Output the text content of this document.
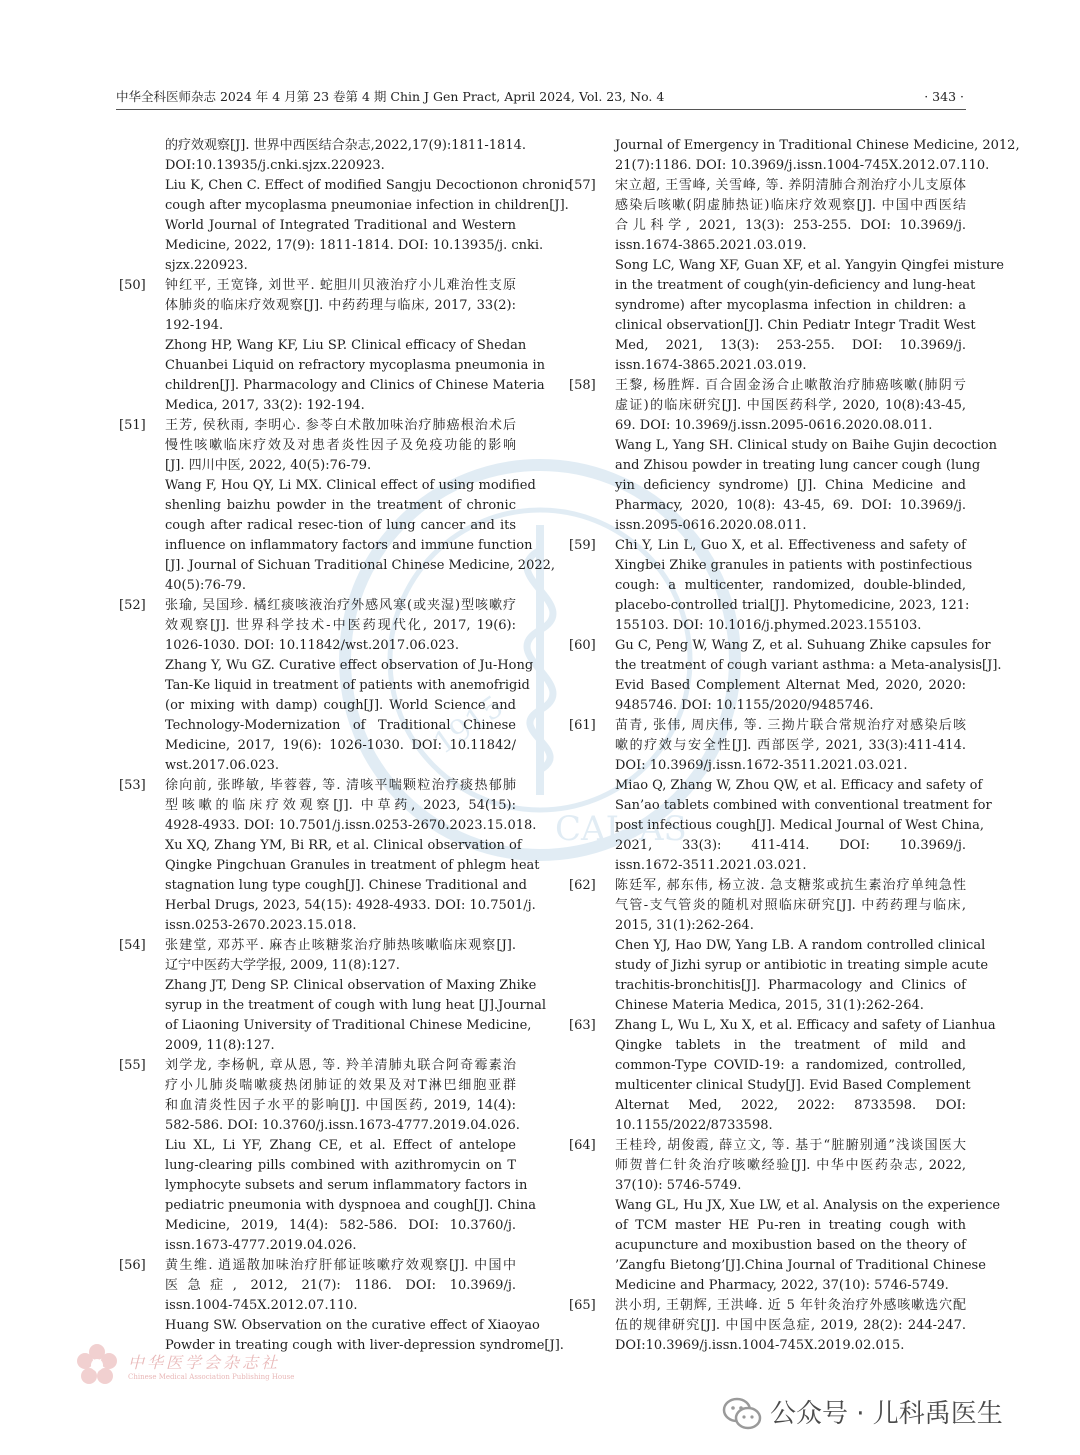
中华全科医师杂志 2024 年 4 月第 23 卷第 4 期 Chin J Gen Pract, April 2024, Vol. 23, No. 4	· 343 ·
1915
CAL AS
的疗效观察[J]. 世界中西医结合杂志,2022,17(9):1811-1814.
DOI:10.13935/j.cnki.sjzx.220923.
Liu K, Chen C. Effect of modified Sangju Decoctionon chronic
cough after mycoplasma pneumoniae infection in children[J].
World Journal of Integrated Traditional and Western
Medicine, 2022, 17(9): 1811-1814. DOI: 10.13935/j. cnki.
sjzx.220923.
[50] 钟红平, 王宽锋, 刘世平. 蛇胆川贝液治疗小儿难治性支原
体肺炎的临床疗效观察[J]. 中药药理与临床, 2017, 33(2):
192-194.
Zhong HP, Wang KF, Liu SP. Clinical efficacy of Shedan
Chuanbei Liquid on refractory mycoplasma pneumonia in
children[J]. Pharmacology and Clinics of Chinese Materia
Medica, 2017, 33(2): 192-194.
[51] 王芳, 侯秋雨, 李明心. 参苓白术散加味治疗肺癌根治术后
慢性咳嗽临床疗效及对患者炎性因子及免疫功能的影响
[J]. 四川中医, 2022, 40(5):76-79.
Wang F, Hou QY, Li MX. Clinical effect of using modified
shenling baizhu powder in the treatment of chronic
cough after radical resec-tion of lung cancer and its
influence on inflammatory factors and immune function
[J]. Journal of Sichuan Traditional Chinese Medicine, 2022,
40(5):76-79.
[52] 张瑜, 吴国珍. 橘红痰咳液治疗外感风寒(或夹湿)型咳嗽疗
效观察[J]. 世界科学技术-中医药现代化, 2017, 19(6):
1026-1030. DOI: 10.11842/wst.2017.06.023.
Zhang Y, Wu GZ. Curative effect observation of Ju-Hong
Tan-Ke liquid in treatment of patients with anemofrigid
(or mixing with damp) cough[J]. World Science and
Technology-Modernization of Traditional Chinese
Medicine, 2017, 19(6): 1026-1030. DOI: 10.11842/
wst.2017.06.023.
[53] 徐向前, 张晔敏, 毕蓉蓉, 等. 清咳平喘颗粒治疗痰热郁肺
型咳嗽的临床疗效观察[J]. 中草药, 2023, 54(15):
4928-4933. DOI: 10.7501/j.issn.0253-2670.2023.15.018.
Xu XQ, Zhang YM, Bi RR, et al. Clinical observation of
Qingke Pingchuan Granules in treatment of phlegm heat
stagnation lung type cough[J]. Chinese Traditional and
Herbal Drugs, 2023, 54(15): 4928-4933. DOI: 10.7501/j.
issn.0253-2670.2023.15.018.
[54] 张建堂, 邓苏平. 麻杏止咳糖浆治疗肺热咳嗽临床观察[J].
辽宁中医药大学学报, 2009, 11(8):127.
Zhang JT, Deng SP. Clinical observation of Maxing Zhike
syrup in the treatment of cough with lung heat [J].Journal
of Liaoning University of Traditional Chinese Medicine,
2009, 11(8):127.
[55] 刘学龙, 李杨帆, 章从恩, 等. 羚羊清肺丸联合阿奇霉素治
疗小儿肺炎喘嗽痰热闭肺证的效果及对T淋巴细胞亚群
和血清炎性因子水平的影响[J]. 中国医药, 2019, 14(4):
582-586. DOI: 10.3760/j.issn.1673-4777.2019.04.026.
Liu XL, Li YF, Zhang CE, et al. Effect of antelope
lung-clearing pills combined with azithromycin on T
lymphocyte subsets and serum inflammatory factors in
pediatric pneumonia with dyspnoea and cough[J]. China
Medicine, 2019, 14(4): 582-586. DOI: 10.3760/j.
issn.1673-4777.2019.04.026.
[56] 黄生维. 逍遥散加味治疗肝郁证咳嗽疗效观察[J]. 中国中
医急症, 2012, 21(7): 1186. DOI: 10.3969/j.
issn.1004-745X.2012.07.110.
Huang SW. Observation on the curative effect of Xiaoyao
Powder in treating cough with liver-depression syndrome[J].
Journal of Emergency in Traditional Chinese Medicine, 2012,
21(7):1186. DOI: 10.3969/j.issn.1004-745X.2012.07.110.
[57] 宋立超, 王雪峰, 关雪峰, 等. 养阴清肺合剂治疗小儿支原体
感染后咳嗽(阴虚肺热证)临床疗效观察[J]. 中国中西医结
合儿科学, 2021, 13(3): 253-255. DOI: 10.3969/j.
issn.1674-3865.2021.03.019.
Song LC, Wang XF, Guan XF, et al. Yangyin Qingfei misture
in the treatment of cough(yin-deficiency and lung-heat
syndrome) after mycoplasma infection in children: a
clinical observation[J]. Chin Pediatr Integr Tradit West
Med, 2021, 13(3): 253-255. DOI: 10.3969/j.
issn.1674-3865.2021.03.019.
[58] 王黎, 杨胜辉. 百合固金汤合止嗽散治疗肺癌咳嗽(肺阴亏
虚证)的临床研究[J]. 中国医药科学, 2020, 10(8):43-45,
69. DOI: 10.3969/j.issn.2095-0616.2020.08.011.
Wang L, Yang SH. Clinical study on Baihe Gujin decoction
and Zhisou powder in treating lung cancer cough (lung
yin deficiency syndrome) [J]. China Medicine and
Pharmacy, 2020, 10(8): 43-45, 69. DOI: 10.3969/j.
issn.2095-0616.2020.08.011.
[59] Chi Y, Lin L, Guo X, et al. Effectiveness and safety of
Xingbei Zhike granules in patients with postinfectious
cough: a multicenter, randomized, double-blinded,
placebo-controlled trial[J]. Phytomedicine, 2023, 121:
155103. DOI: 10.1016/j.phymed.2023.155103.
[60] Gu C, Peng W, Wang Z, et al. Suhuang Zhike capsules for
the treatment of cough variant asthma: a Meta-analysis[J].
Evid Based Complement Alternat Med, 2020, 2020:
9485746. DOI: 10.1155/2020/9485746.
[61] 苗青, 张伟, 周庆伟, 等. 三拗片联合常规治疗对感染后咳
嗽的疗效与安全性[J]. 西部医学, 2021, 33(3):411-414.
DOI: 10.3969/j.issn.1672-3511.2021.03.021.
Miao Q, Zhang W, Zhou QW, et al. Efficacy and safety of
San’ao tablets combined with conventional treatment for
post infectious cough[J]. Medical Journal of West China,
2021, 33(3): 411-414. DOI: 10.3969/j.
issn.1672-3511.2021.03.021.
[62] 陈廷军, 郝东伟, 杨立波. 急支糖浆或抗生素治疗单纯急性
气管-支气管炎的随机对照临床研究[J]. 中药药理与临床,
2015, 31(1):262-264.
Chen YJ, Hao DW, Yang LB. A random controlled clinical
study of Jizhi syrup or antibiotic in treating simple acute
trachitis-bronchitis[J]. Pharmacology and Clinics of
Chinese Materia Medica, 2015, 31(1):262-264.
[63] Zhang L, Wu L, Xu X, et al. Efficacy and safety of Lianhua
Qingke tablets in the treatment of mild and
common-Type COVID-19: a randomized, controlled,
multicenter clinical Study[J]. Evid Based Complement
Alternat Med, 2022, 2022: 8733598. DOI:
10.1155/2022/8733598.
[64] 王桂玲, 胡俊霞, 薛立文, 等. 基于“脏腑别通”浅谈国医大
师贺普仁针灸治疗咳嗽经验[J]. 中华中医药杂志, 2022,
37(10): 5746-5749.
Wang GL, Hu JX, Xue LW, et al. Analysis on the experience
of TCM master HE Pu-ren in treating cough with
acupuncture and moxibustion based on the theory of
’Zangfu Bietong’[J].China Journal of Traditional Chinese
Medicine and Pharmacy, 2022, 37(10): 5746-5749.
[65] 洪小玥, 王朝辉, 王洪峰. 近 5 年针灸治疗外感咳嗽选穴配
伍的规律研究[J]. 中国中医急症, 2019, 28(2): 244-247.
DOI:10.3969/j.issn.1004-745X.2019.02.015.
中华医学会杂志社
Chinese Medical Association Publishing House
公众号 · 儿科禹医生
